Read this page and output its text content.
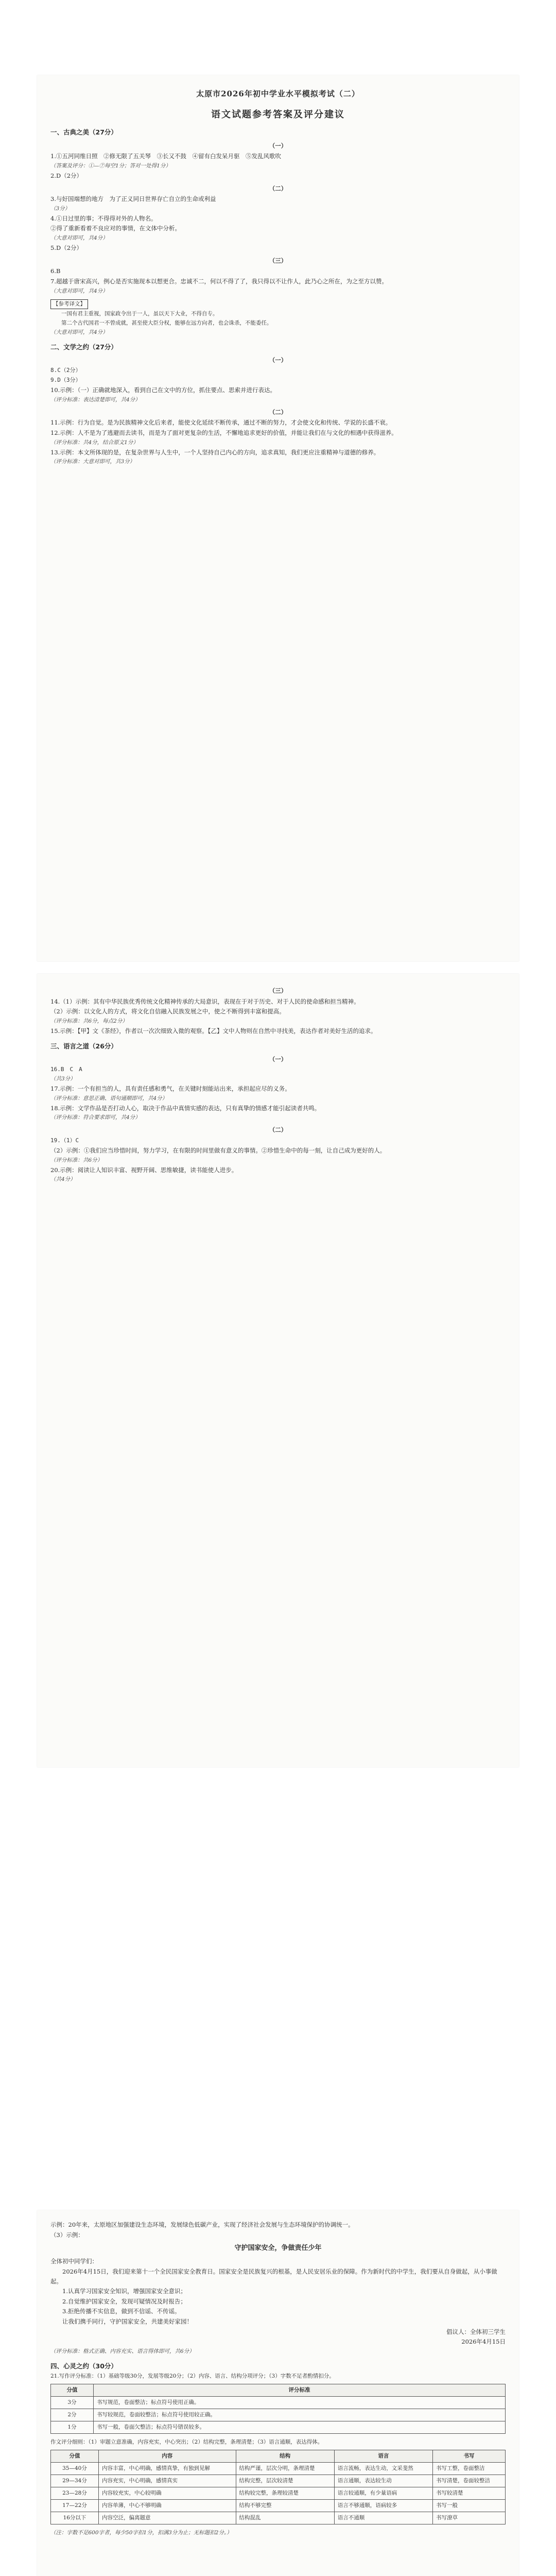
太原市2026年初中学业水平模拟考试（二）
语文试题参考答案及评分建议
一、古典之美（27分）
（一）
1.①五河同维日照　②修无限了五关琴　③长又不鼓　④留有白发呆月驱　⑤发乱风歌吹
（答案及评分：①—⑦每空1分；答对一处得1分）
2.D（2分）
（二）
3.与好国端想的地方　为了正义同日世界存亡自立的生命或利益
（3分）
4.①日过里的事；不得得对外的人物名。
②得了重新看着不良应对的事情，在文体中分析。
（大意对即可，共4分）
5.D（2分）
（三）
6.B
7.超越于唐宋高兴，例心是否实施现本以想更合。忠诚不二，何以不得了了，我只得以不让作人，此乃心之所在，为之至方以赞。
（大意对即可，共4分）
【参考译文】
一国有君主重视，国家政令出于一人，虽以天下大业，不得自专。
第二个古代国君一不曾成就，甚至使大臣分权，能够在远方向者，也会诛杀，不能委任。
（大意对即可，共4分）
二、文学之约（27分）
（一）
8.C（2分）
9.D（3分）
10.示例：（一）正确就地深入，看到自己在文中的方位，抓住要点、思索并进行表达。
（评分标准：表达清楚即可，共4分）
（二）
11.示例：行为自觉。是为民族精神文化后来者，能使文化延续不断传承，通过不断的努力，才会使文化和传统、学说的长盛不衰。
12.示例：人不是为了逃避而去读书，而是为了面对更复杂的生活，不懈地追求更好的价值，并能让我们在与文化的相遇中获得滋养。
（评分标准：共4分，结合原文1分）
13.示例：本文所体现的是，在复杂世界与人生中，一个人坚持自己内心的方向，追求真知，我们更应注重精神与道德的修养。
（评分标准：大意对即可，共3分）
（三）
14.（1）示例：其有中华民族优秀传统文化精神传承的大局意识，表现在于对于历史、对于人民的使命感和担当精神。
（2）示例：以文化人的方式，将文化自信融入民族发展之中，使之不断得到丰富和提高。
（评分标准：共6分，每点2分）
15.示例：【甲】文《茶经》，作者以一次次细致入微的观察。【乙】文中人物则在自然中寻找美，表达作者对美好生活的追求。
三、语言之道（26分）
（一）
16.B　C　A
（共3分）
17.示例：一个有担当的人，具有责任感和勇气，在关键时刻能站出来，承担起应尽的义务。
（评分标准：意思正确、语句通顺即可，共4分）
18.示例：文学作品是否打动人心，取决于作品中真情实感的表达，只有真挚的情感才能引起读者共鸣。
（评分标准：符合要求即可，共4分）
（二）
19.（1）C
（2）示例：①我们应当珍惜时间，努力学习，在有限的时间里做有意义的事情。②珍惜生命中的每一刻，让自己成为更好的人。
（评分标准：共6分）
20.示例：阅读让人知识丰富、视野开阔、思维敏捷，读书能使人进步。
（共4分）
示例：20年来，太原地区加强建设生态环境，发展绿色低碳产业，实现了经济社会发展与生态环境保护的协调统一。
（3）示例：
守护国家安全，争做责任少年
全体初中同学们：
2026年4月15日，我们迎来第十一个全民国家安全教育日。国家安全是民族复兴的根基，是人民安居乐业的保障。作为新时代的中学生，我们要从自身做起，从小事做起。
1.认真学习国家安全知识，增强国家安全意识；
2.自觉维护国家安全，发现可疑情况及时报告；
3.拒绝传播不实信息，做到不信谣、不传谣。
让我们携手同行，守护国家安全，共建美好家园！
倡议人：全体初三学生
2026年4月15日
（评分标准：格式正确、内容充实、语言得体即可，共6分）
四、心灵之约（30分）
21.写作评分标准：（1）基础等级30分，发展等级20分；（2）内容、语言、结构分项评分；（3）字数不足者酌情扣分。
分值	评分标准
3分	书写规范，卷面整洁；标点符号使用正确。
2分	书写较规范，卷面较整洁；标点符号使用较正确。
1分	书写一般，卷面欠整洁；标点符号错误较多。
作文评分细则：（1）审题立意准确，内容充实，中心突出；（2）结构完整，条理清楚；（3）语言通顺，表达得体。
分值	内容	结构	语言	书写
35—40分	内容丰富，中心明确，感情真挚，有独到见解	结构严谨，层次分明，条理清楚	语言流畅，表达生动，文采斐然	书写工整，卷面整洁
29—34分	内容充实，中心明确，感情真实	结构完整，层次较清楚	语言通顺，表达较生动	书写清楚，卷面较整洁
23—28分	内容较充实，中心较明确	结构较完整，条理较清楚	语言较通顺，有少量语病	书写较清楚
17—22分	内容单薄，中心不够明确	结构不够完整	语言不够通顺，语病较多	书写一般
16分以下	内容空泛，偏离题意	结构混乱	语言不通顺	书写潦草
（注：字数不足600字者，每少50字扣1分，扣满3分为止；无标题扣2分。）
